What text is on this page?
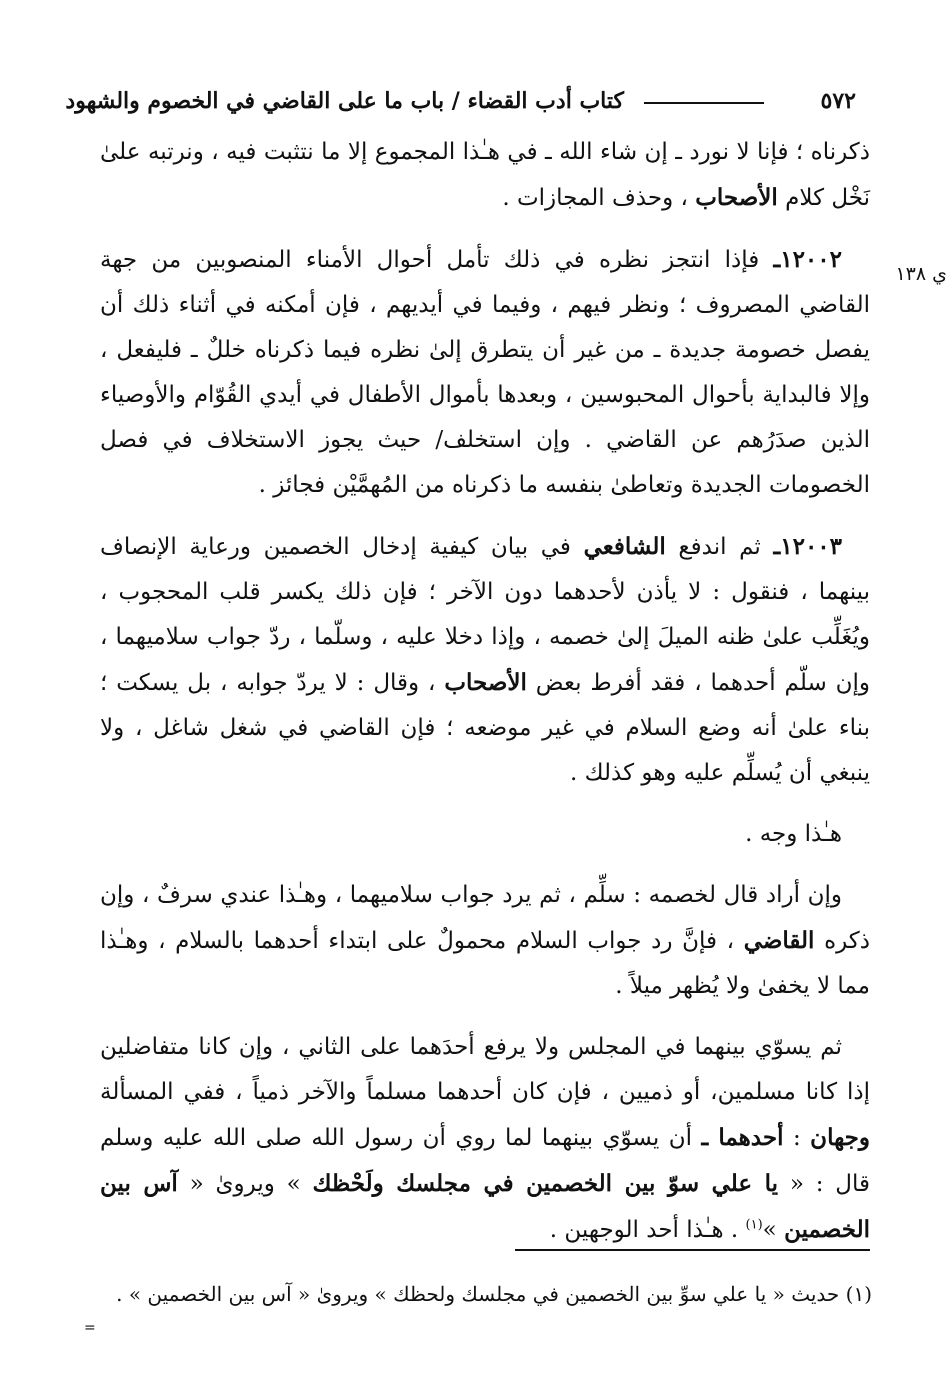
٥٧٢
كتاب أدب القضاء / باب ما على القاضي في الخصوم والشهود
ي ١٣٨

ذكرناه ؛ فإنا لا نورد ـ إن شاء الله ـ في هـٰذا المجموع إلا ما نتثبت فيه ، ونرتبه علىٰ نَخْل كلام الأصحاب ، وحذف المجازات .

١٢٠٠٢ـ فإذا انتجز نظره في ذلك تأمل أحوال الأمناء المنصوبين من جهة القاضي المصروف ؛ ونظر فيهم ، وفيما في أيديهم ، فإن أمكنه في أثناء ذلك أن يفصل خصومة جديدة ـ من غير أن يتطرق إلىٰ نظره فيما ذكرناه خللٌ ـ فليفعل ، وإلا فالبداية بأحوال المحبوسين ، وبعدها بأموال الأطفال في أيدي القُوّام والأوصياء الذين صدَرُهم عن القاضي . وإن استخلف/ حيث يجوز الاستخلاف في فصل الخصومات الجديدة وتعاطىٰ بنفسه ما ذكرناه من المُهمَّيْن فجائز .

١٢٠٠٣ـ ثم اندفع الشافعي في بيان كيفية إدخال الخصمين ورعاية الإنصاف بينهما ، فنقول : لا يأذن لأحدهما دون الآخر ؛ فإن ذلك يكسر قلب المحجوب ، ويُغَلِّب علىٰ ظنه الميلَ إلىٰ خصمه ، وإذا دخلا عليه ، وسلّما ، ردّ جواب سلاميهما ، وإن سلّم أحدهما ، فقد أفرط بعض الأصحاب ، وقال : لا يردّ جوابه ، بل يسكت ؛ بناء علىٰ أنه وضع السلام في غير موضعه ؛ فإن القاضي في شغل شاغل ، ولا ينبغي أن يُسلِّم عليه وهو كذلك .

هـٰذا وجه .

وإن أراد قال لخصمه : سلِّم ، ثم يرد جواب سلاميهما ، وهـٰذا عندي سرفٌ ، وإن ذكره القاضي ، فإنَّ رد جواب السلام محمولٌ على ابتداء أحدهما بالسلام ، وهـٰذا مما لا يخفىٰ ولا يُظهر ميلاً .

ثم يسوّي بينهما في المجلس ولا يرفع أحدَهما على الثاني ، وإن كانا متفاضلين إذا كانا مسلمين، أو ذميين ، فإن كان أحدهما مسلماً والآخر ذمياً ، ففي المسألة وجهان : أحدهما ـ أن يسوّي بينهما لما روي أن رسول الله صلى الله عليه وسلم قال : « يا علي سوّ بين الخصمين في مجلسك ولَحْظك » ويروىٰ « آس بين الخصمين »$^{(١)}$ . هـٰذا أحد الوجهين .

(١) حديث « يا علي سوِّ بين الخصمين في مجلسك ولحظك » ويروىٰ « آس بين الخصمين » .
=
